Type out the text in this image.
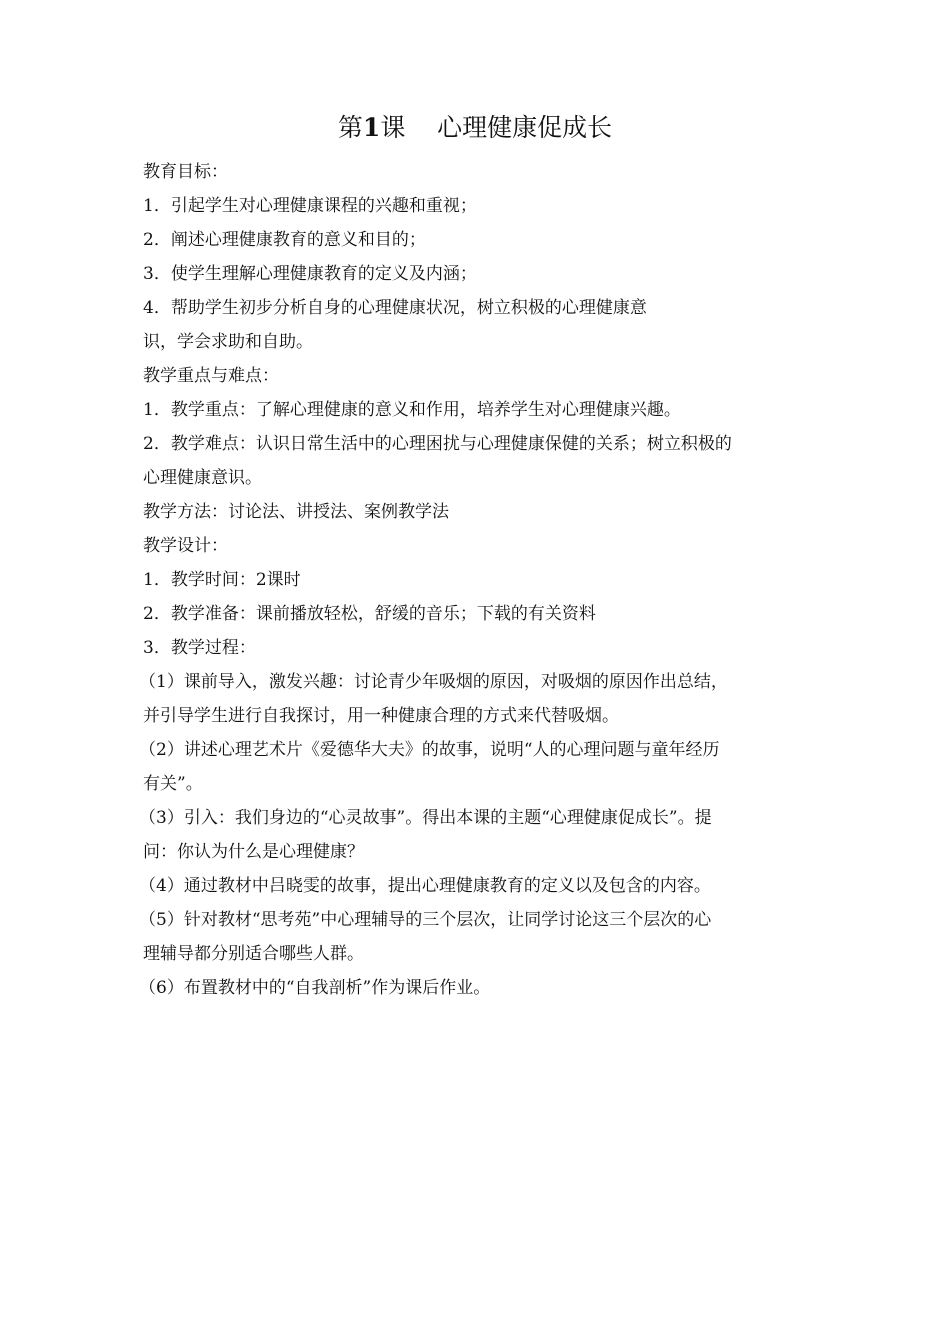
第1课    心理健康促成长
教育目标：
1．引起学生对心理健康课程的兴趣和重视；
2．阐述心理健康教育的意义和目的；
3．使学生理解心理健康教育的定义及内涵；
4．帮助学生初步分析自身的心理健康状况，树立积极的心理健康意
识，学会求助和自助。
教学重点与难点：
1．教学重点：了解心理健康的意义和作用，培养学生对心理健康兴趣。
2．教学难点：认识日常生活中的心理困扰与心理健康保健的关系；树立积极的
心理健康意识。
教学方法：讨论法、讲授法、案例教学法
教学设计：
1．教学时间：2课时
2．教学准备：课前播放轻松，舒缓的音乐；下载的有关资料
3．教学过程：
（1）课前导入，激发兴趣：讨论青少年吸烟的原因，对吸烟的原因作出总结，
并引导学生进行自我探讨，用一种健康合理的方式来代替吸烟。
（2）讲述心理艺术片《爱德华大夫》的故事，说明“人的心理问题与童年经历
有关”。
（3）引入：我们身边的“心灵故事”。得出本课的主题“心理健康促成长”。提
问：你认为什么是心理健康？
（4）通过教材中吕晓雯的故事，提出心理健康教育的定义以及包含的内容。
（5）针对教材“思考苑”中心理辅导的三个层次，让同学讨论这三个层次的心
理辅导都分别适合哪些人群。
（6）布置教材中的“自我剖析”作为课后作业。
